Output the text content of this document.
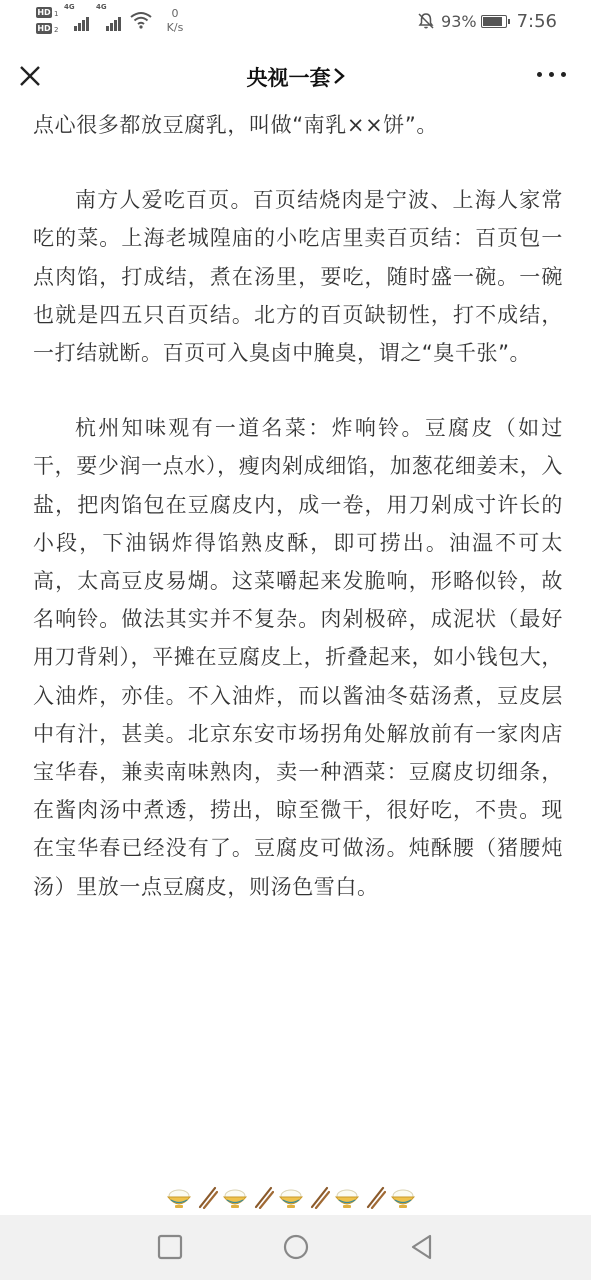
HD 1
HD 2
4G	4G	0
K/s	93% 7:56
央视一套

点心很多都放豆腐乳，叫做“南乳××饼”。

南方人爱吃百页。百页结烧肉是宁波、上海人家常吃的菜。上海老城隍庙的小吃店里卖百页结：百页包一点肉馅，打成结，煮在汤里，要吃，随时盛一碗。一碗也就是四五只百页结。北方的百页缺韧性，打不成结，一打结就断。百页可入臭卤中腌臭，谓之“臭千张”。

杭州知味观有一道名菜：炸响铃。豆腐皮（如过干，要少润一点水），瘦肉剁成细馅，加葱花细姜末，入盐，把肉馅包在豆腐皮内，成一卷，用刀剁成寸许长的小段，下油锅炸得馅熟皮酥，即可捞出。油温不可太高，太高豆皮易煳。这菜嚼起来发脆响，形略似铃，故名响铃。做法其实并不复杂。肉剁极碎，成泥状（最好用刀背剁），平摊在豆腐皮上，折叠起来，如小钱包大，入油炸，亦佳。不入油炸，而以酱油冬菇汤煮，豆皮层中有汁，甚美。北京东安市场拐角处解放前有一家肉店宝华春，兼卖南味熟肉，卖一种酒菜：豆腐皮切细条，在酱肉汤中煮透，捞出，晾至微干，很好吃，不贵。现在宝华春已经没有了。豆腐皮可做汤。炖酥腰（猪腰炖汤）里放一点豆腐皮，则汤色雪白。
